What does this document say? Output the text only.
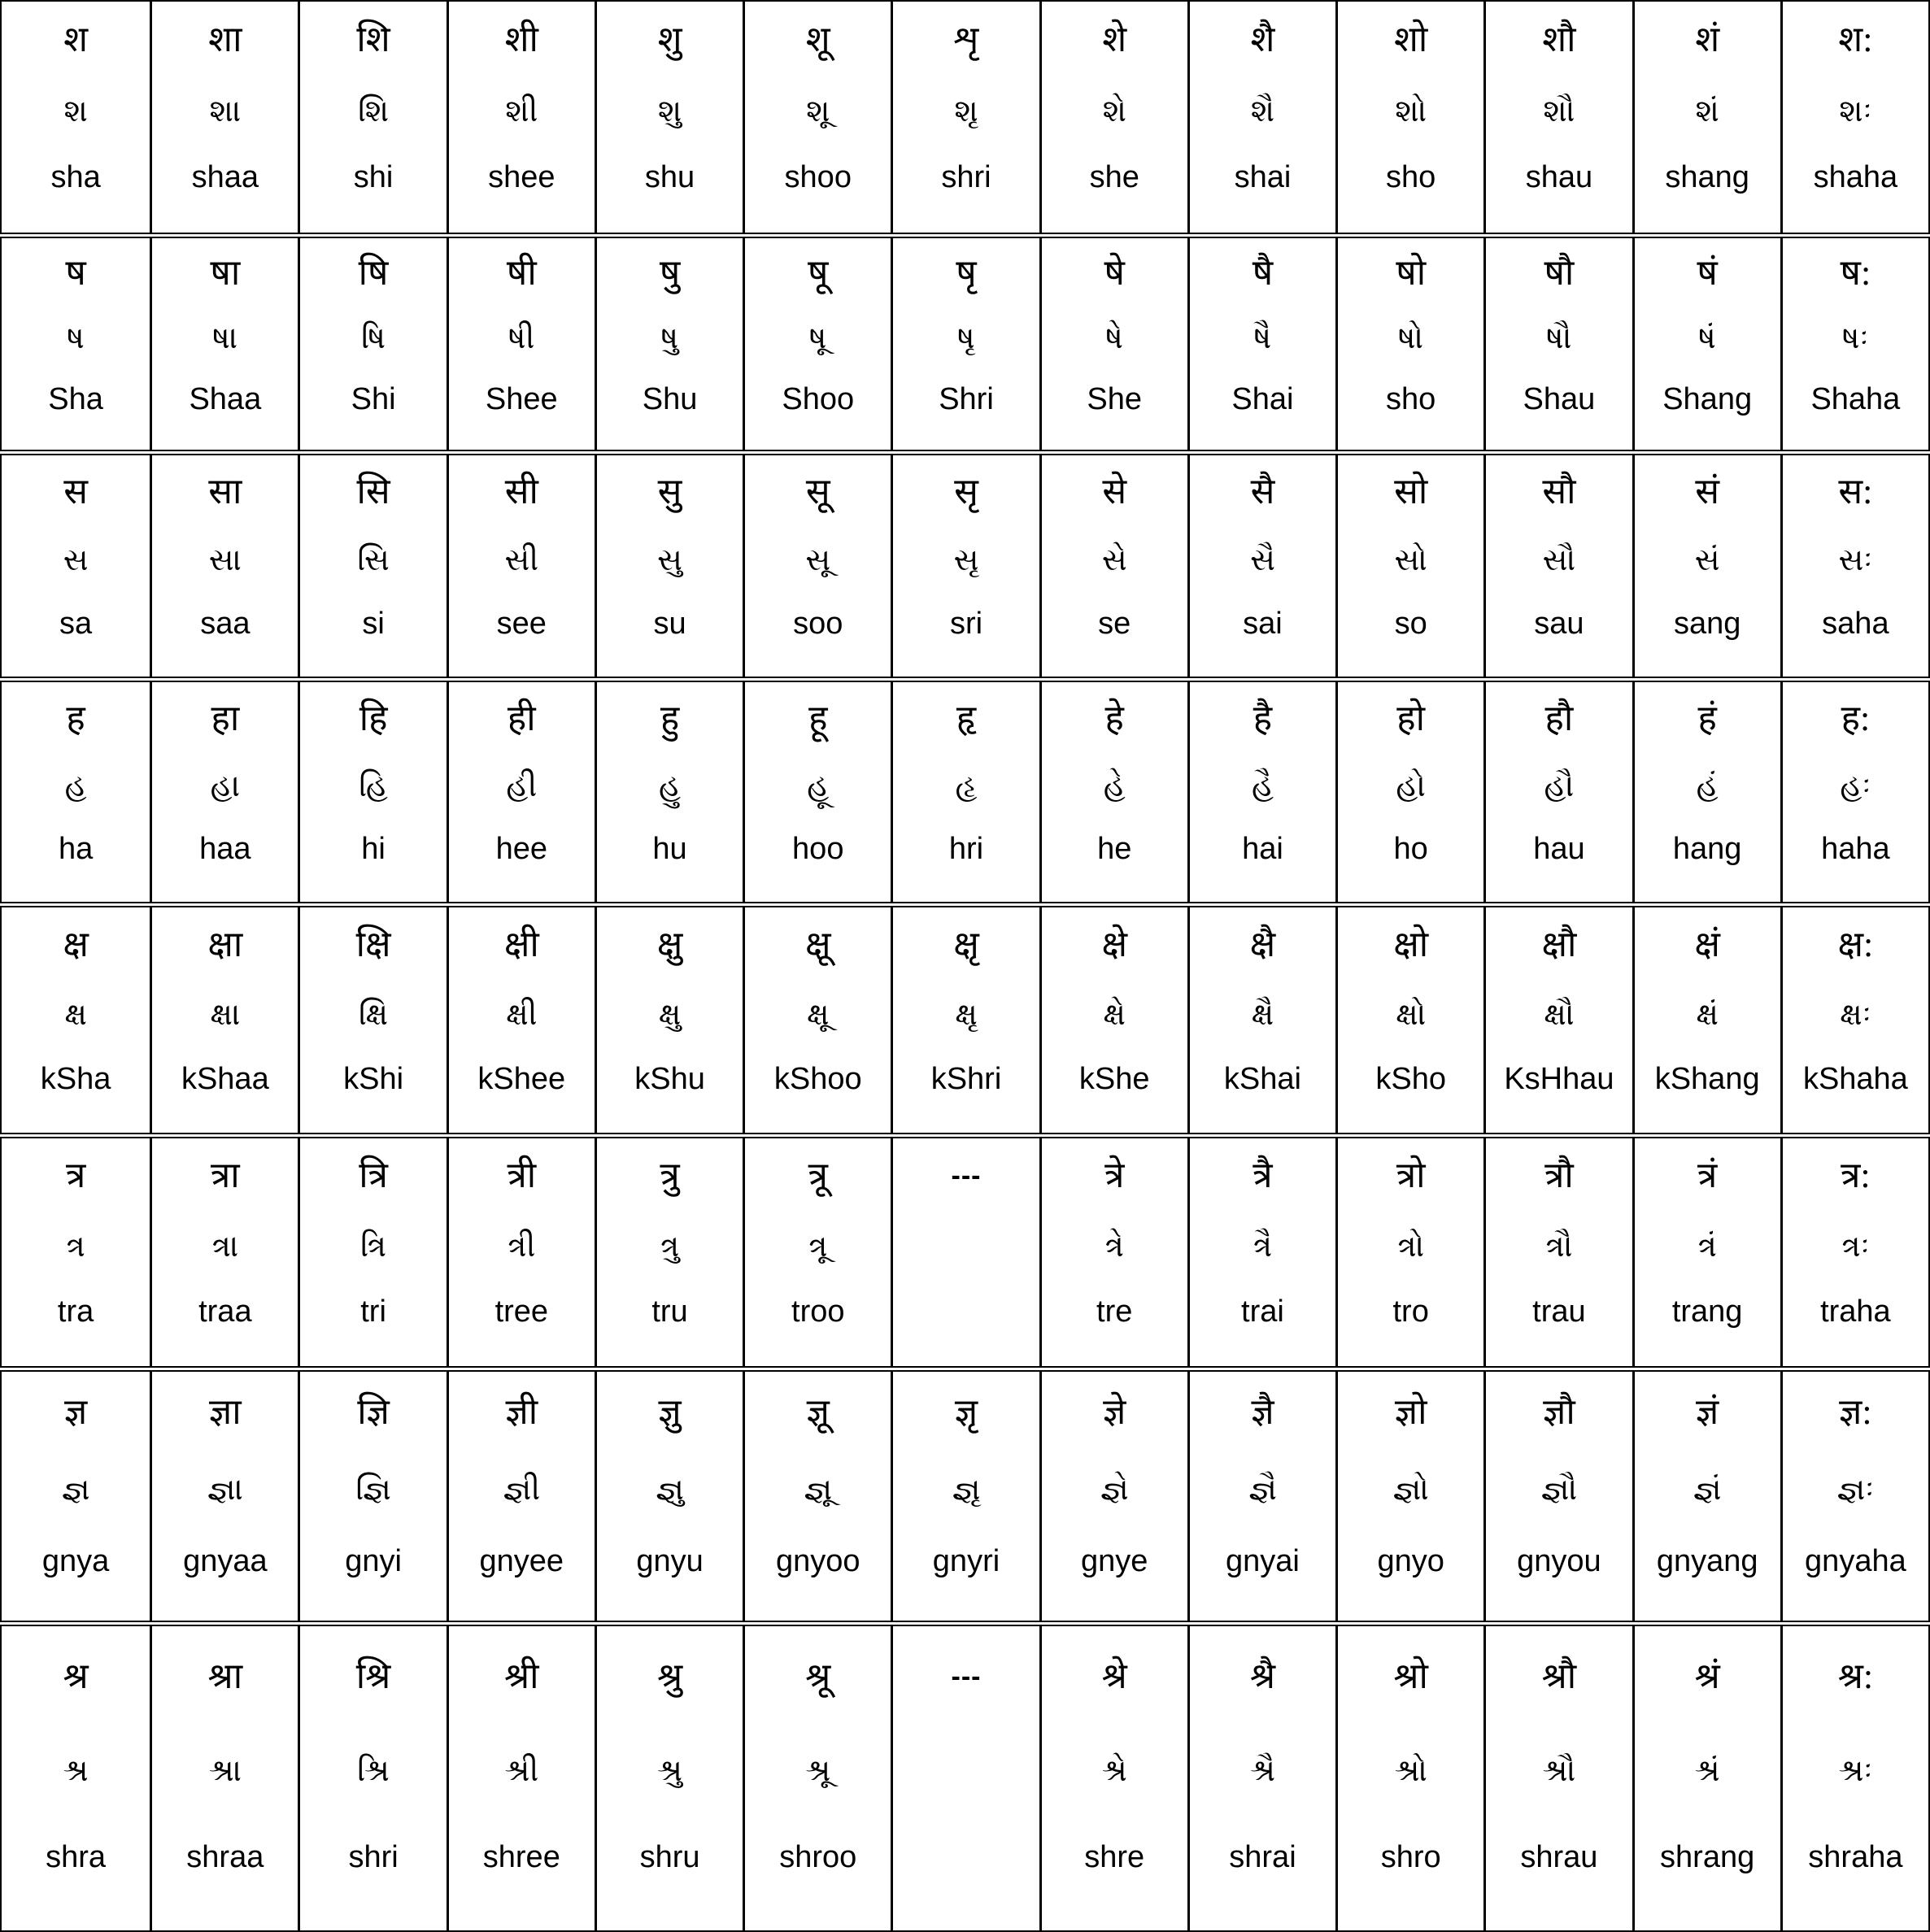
श
શ
sha
शा
શા
shaa
शि
શિ
shi
शी
શી
shee
शु
શુ
shu
शू
શૂ
shoo
शृ
શૃ
shri
शे
શે
she
शै
શૈ
shai
शो
શો
sho
शौ
શૌ
shau
शं
શં
shang
श:
શઃ
shaha
ष
ષ
Sha
षा
ષા
Shaa
षि
ષિ
Shi
षी
ષી
Shee
षु
ષુ
Shu
षू
ષૂ
Shoo
षृ
ષૃ
Shri
षे
ષે
She
षै
ષૈ
Shai
षो
ષો
sho
षौ
ષૌ
Shau
षं
ષં
Shang
ष:
ષઃ
Shaha
स
સ
sa
सा
સા
saa
सि
સિ
si
सी
સી
see
सु
સુ
su
सू
સૂ
soo
सृ
સૃ
sri
से
સે
se
सै
સૈ
sai
सो
સો
so
सौ
સૌ
sau
सं
સં
sang
स:
સઃ
saha
ह
હ
ha
हा
હા
haa
हि
હિ
hi
ही
હી
hee
हु
હુ
hu
हू
હૂ
hoo
हृ
હૃ
hri
हे
હે
he
है
હૈ
hai
हो
હો
ho
हौ
હૌ
hau
हं
હં
hang
ह:
હઃ
haha
क्ष
ક્ષ
kSha
क्षा
ક્ષા
kShaa
क्षि
ક્ષિ
kShi
क्षी
ક્ષી
kShee
क्षु
ક્ષુ
kShu
क्षू
ક્ષૂ
kShoo
क्षृ
ક્ષૃ
kShri
क्षे
ક્ષે
kShe
क्षै
ક્ષૈ
kShai
क्षो
ક્ષો
kSho
क्षौ
ક્ષૌ
KsHhau
क्षं
ક્ષં
kShang
क्ष:
ક્ષઃ
kShaha
त्र
ત્ર
tra
त्रा
ત્રા
traa
त्रि
ત્રિ
tri
त्री
ત્રી
tree
त्रु
ત્રુ
tru
त्रू
ત્રૂ
troo
---	त्रे
ત્રે
tre
त्रै
ત્રૈ
trai
त्रो
ત્રો
tro
त्रौ
ત્રૌ
trau
त्रं
ત્રં
trang
त्र:
ત્રઃ
traha
ज्ञ
જ્ઞ
gnya
ज्ञा
જ્ઞા
gnyaa
ज्ञि
જ્ઞિ
gnyi
ज्ञी
જ્ઞી
gnyee
ज्ञु
જ્ઞુ
gnyu
ज्ञू
જ્ઞૂ
gnyoo
ज्ञृ
જ્ઞૃ
gnyri
ज्ञे
જ્ઞે
gnye
ज्ञै
જ્ઞૈ
gnyai
ज्ञो
જ્ઞો
gnyo
ज्ञौ
જ્ઞૌ
gnyou
ज्ञं
જ્ઞં
gnyang
ज्ञ:
જ્ઞઃ
gnyaha
श्र
શ્ર
shra
श्रा
શ્રા
shraa
श्रि
શ્રિ
shri
श्री
શ્રી
shree
श्रु
શ્રુ
shru
श्रू
શ્રૂ
shroo
---	श्रे
શ્રે
shre
श्रै
શ્રૈ
shrai
श्रो
શ્રો
shro
श्रौ
શ્રૌ
shrau
श्रं
શ્રં
shrang
श्र:
શ્રઃ
shraha
